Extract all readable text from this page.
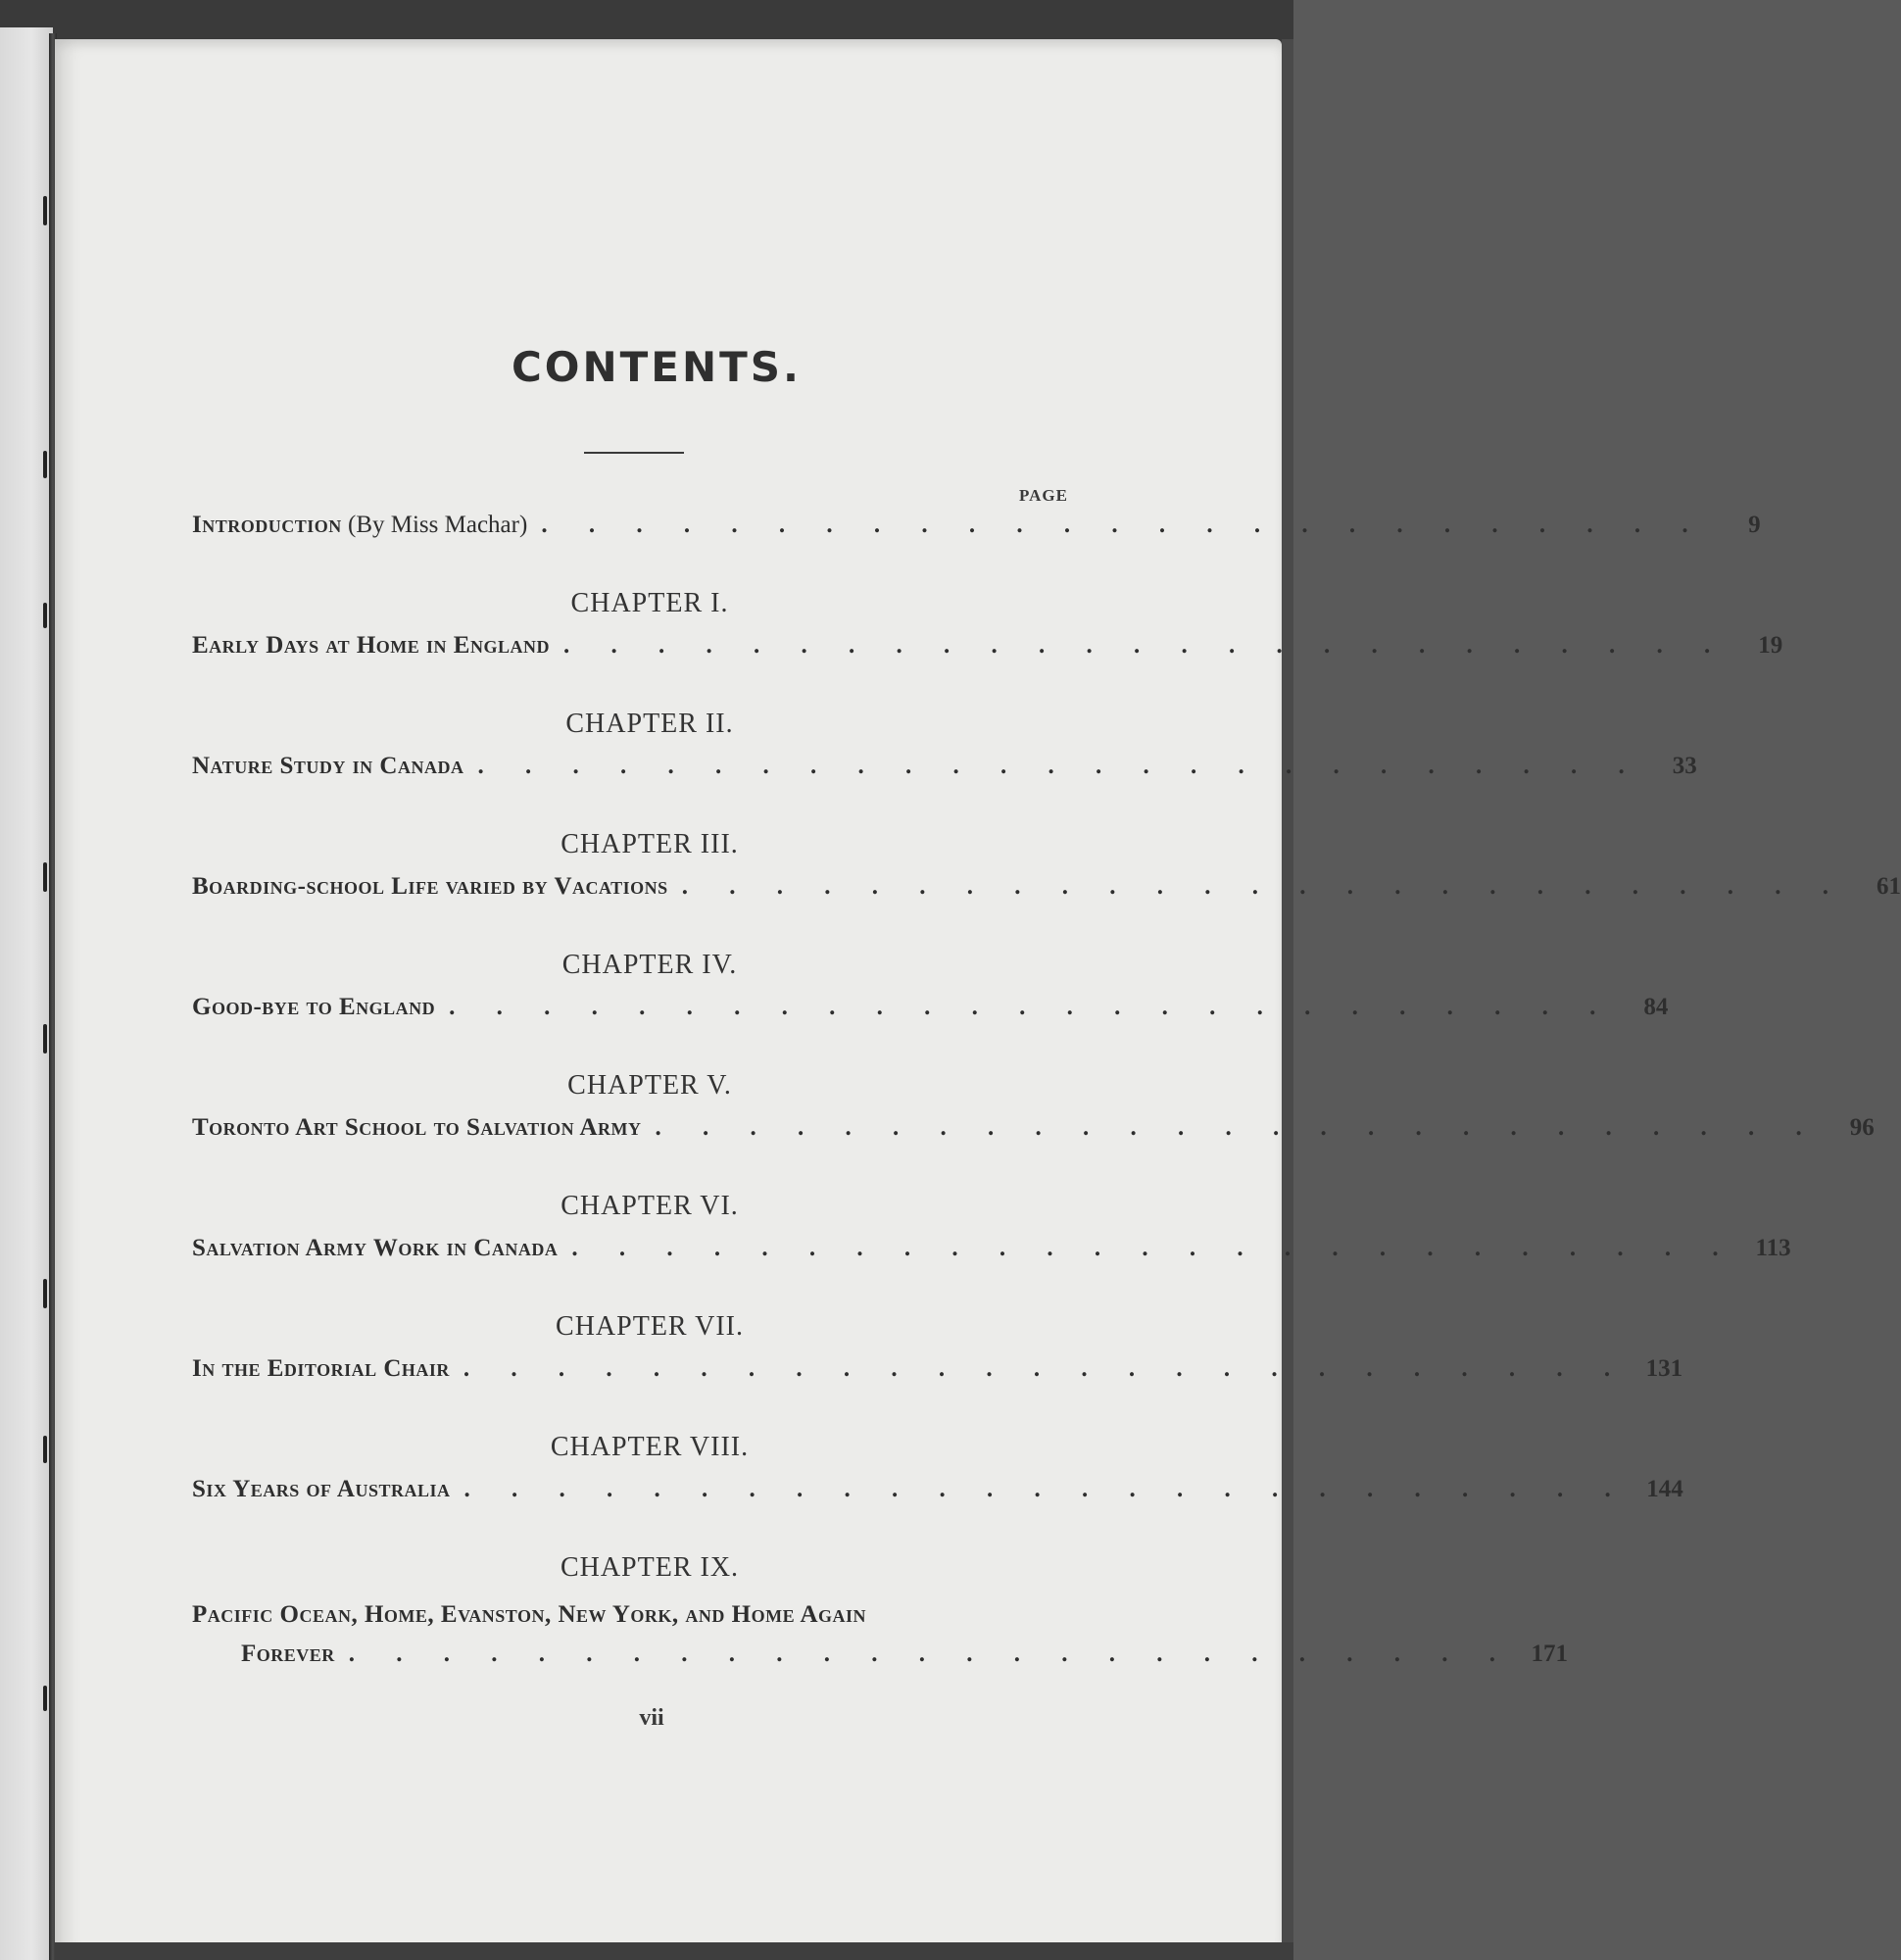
CONTENTS.
PAGE
Introduction (By Miss Machar) . . . . . . . . . . . . . . . . . . . . . . . . .	9
CHAPTER I.
Early Days at Home in England . . . . . . . . . . . . . . . . . . . . . . . . .	19
CHAPTER II.
Nature Study in Canada . . . . . . . . . . . . . . . . . . . . . . . . .	33
CHAPTER III.
Boarding-school Life varied by Vacations . . . . . . . . . . . . . . . . . . . . . . . . .	61
CHAPTER IV.
Good-bye to England . . . . . . . . . . . . . . . . . . . . . . . . .	84
CHAPTER V.
Toronto Art School to Salvation Army . . . . . . . . . . . . . . . . . . . . . . . . .	96
CHAPTER VI.
Salvation Army Work in Canada . . . . . . . . . . . . . . . . . . . . . . . . . 113
CHAPTER VII.
In the Editorial Chair . . . . . . . . . . . . . . . . . . . . . . . . . 131
CHAPTER VIII.
Six Years of Australia . . . . . . . . . . . . . . . . . . . . . . . . . 144
CHAPTER IX.
Pacific Ocean, Home, Evanston, New York, and Home Again
Forever . . . . . . . . . . . . . . . . . . . . . . . . . 171
vii
